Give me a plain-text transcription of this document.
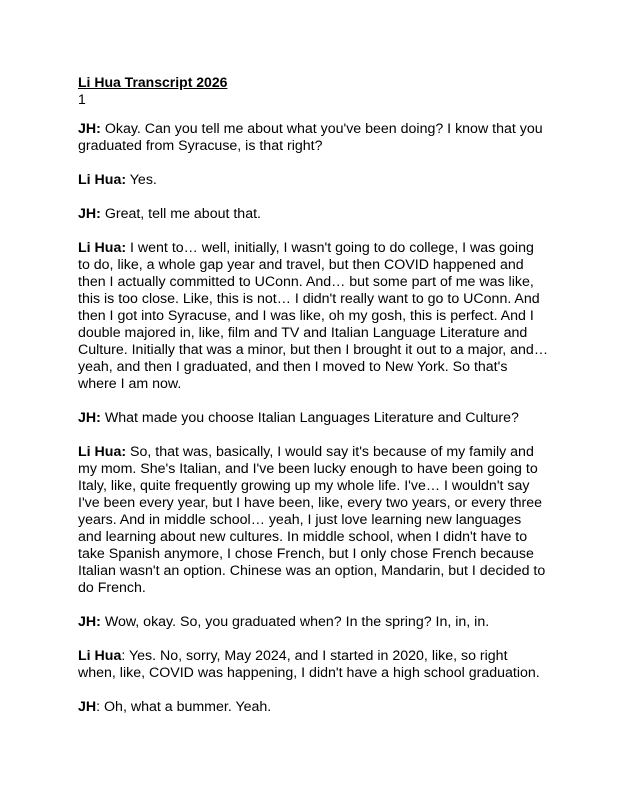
Li Hua Transcript 2026
1

JH: Okay. Can you tell me about what you've been doing? I know that you graduated from Syracuse, is that right?

Li Hua: Yes.

JH: Great, tell me about that.

Li Hua: I went to… well, initially, I wasn't going to do college, I was going to do, like, a whole gap year and travel, but then COVID happened and then I actually committed to UConn. And… but some part of me was like, this is too close. Like, this is not… I didn't really want to go to UConn. And then I got into Syracuse, and I was like, oh my gosh, this is perfect. And I double majored in, like, film and TV and Italian Language Literature and Culture. Initially that was a minor, but then I brought it out to a major, and…yeah, and then I graduated, and then I moved to New York. So that's where I am now.

JH: What made you choose Italian Languages Literature and Culture?

Li Hua: So, that was, basically, I would say it's because of my family and my mom. She's Italian, and I've been lucky enough to have been going to Italy, like, quite frequently growing up my whole life. I've… I wouldn't say I've been every year, but I have been, like, every two years, or every three years. And in middle school… yeah, I just love learning new languages and learning about new cultures. In middle school, when I didn't have to take Spanish anymore, I chose French, but I only chose French because Italian wasn't an option. Chinese was an option, Mandarin, but I decided to do French.

JH: Wow, okay. So, you graduated when? In the spring? In, in, in.

Li Hua: Yes. No, sorry, May 2024, and I started in 2020, like, so right when, like, COVID was happening, I didn't have a high school graduation.

JH: Oh, what a bummer. Yeah.
